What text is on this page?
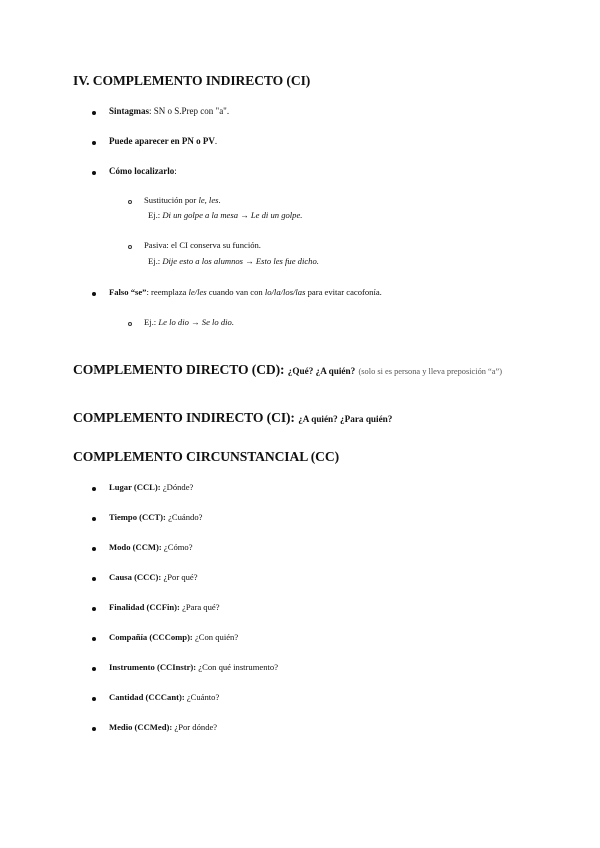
IV. COMPLEMENTO INDIRECTO (CI)
Sintagmas: SN o S.Prep con "a".
Puede aparecer en PN o PV.
Cómo localizarlo:
Sustitución por le, les.
Ej.: Di un golpe a la mesa → Le di un golpe.
Pasiva: el CI conserva su función.
Ej.: Dije esto a los alumnos → Esto les fue dicho.
Falso “se”: reemplaza le/les cuando van con lo/la/los/las para evitar cacofonía.
Ej.: Le lo dio → Se lo dio.
COMPLEMENTO DIRECTO (CD): ¿Qué? ¿A quién? (solo si es persona y lleva preposición “a”)
COMPLEMENTO INDIRECTO (CI): ¿A quién? ¿Para quién?
COMPLEMENTO CIRCUNSTANCIAL (CC)
Lugar (CCL): ¿Dónde?
Tiempo (CCT): ¿Cuándo?
Modo (CCM): ¿Cómo?
Causa (CCC): ¿Por qué?
Finalidad (CCFin): ¿Para qué?
Compañía (CCComp): ¿Con quién?
Instrumento (CCInstr): ¿Con qué instrumento?
Cantidad (CCCant): ¿Cuánto?
Medio (CCMed): ¿Por dónde?
